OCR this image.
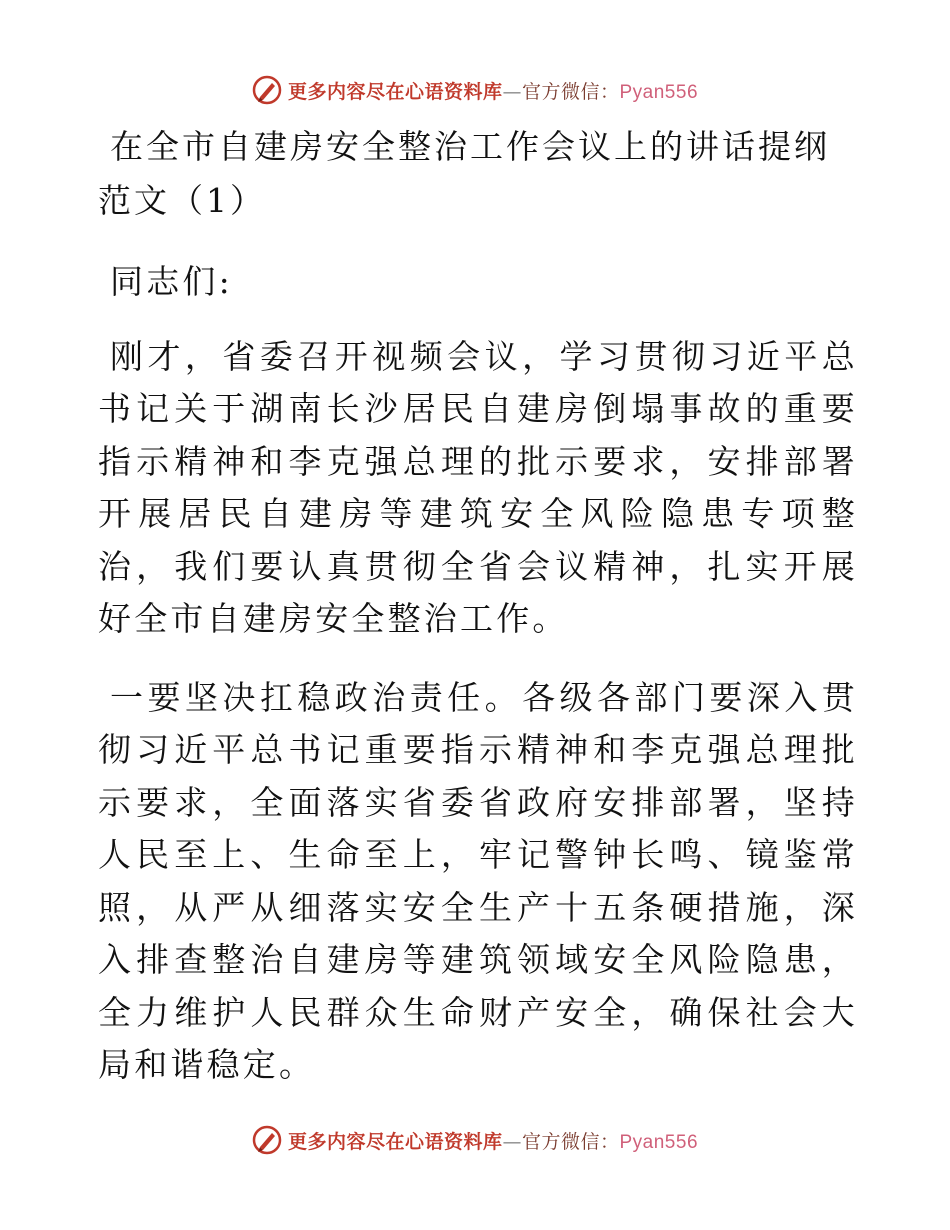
更多内容尽在心语资料库—官方微信：Pyan556
在全市自建房安全整治工作会议上的讲话提纲范文（1）

同志们:

刚才，省委召开视频会议，学习贯彻习近平总书记关于湖南长沙居民自建房倒塌事故的重要指示精神和李克强总理的批示要求，安排部署开展居民自建房等建筑安全风险隐患专项整治，我们要认真贯彻全省会议精神，扎实开展好全市自建房安全整治工作。

一要坚决扛稳政治责任。各级各部门要深入贯彻习近平总书记重要指示精神和李克强总理批示要求，全面落实省委省政府安排部署，坚持人民至上、生命至上，牢记警钟长鸣、镜鉴常照，从严从细落实安全生产十五条硬措施，深入排查整治自建房等建筑领域安全风险隐患，全力维护人民群众生命财产安全，确保社会大局和谐稳定。

更多内容尽在心语资料库—官方微信：Pyan556
